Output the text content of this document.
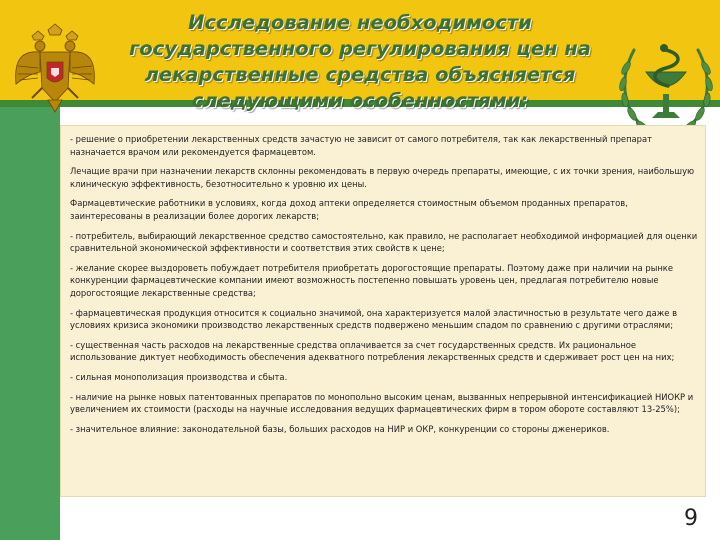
Исследование необходимости государственного регулирования цен на лекарственные средства объясняется следующими особенностями:

- решение о приобретении лекарственных средств зачастую не зависит от самого потребителя, так как лекарственный препарат назначается врачом или рекомендуется фармацевтом.

Лечащие врачи при назначении лекарств склонны рекомендовать в первую очередь препараты, имеющие, с их точки зрения, наибольшую клиническую эффективность, безотносительно к уровню их цены.

Фармацевтические работники в условиях, когда доход аптеки определяется стоимостным объемом проданных препаратов, заинтересованы в реализации более дорогих лекарств;

- потребитель, выбирающий лекарственное средство самостоятельно, как правило, не располагает необходимой информацией для оценки сравнительной экономической эффективности и соответствия этих свойств к цене;

- желание скорее выздороветь побуждает потребителя приобретать дорогостоящие препараты. Поэтому даже при наличии на рынке конкуренции фармацевтические компании имеют возможность постепенно повышать уровень цен, предлагая потребителю новые дорогостоящие лекарственные средства;

- фармацевтическая продукция относится к социально значимой, она характеризуется малой эластичностью в результате чего даже в условиях кризиса экономики производство лекарственных средств подвержено меньшим спадом по сравнению с другими отраслями;

- существенная часть расходов на лекарственные средства оплачивается за счет государственных средств. Их рациональное использование диктует необходимость обеспечения адекватного потребления лекарственных средств и сдерживает рост цен на них;

- сильная монополизация производства и сбыта.

- наличие на рынке новых патентованных препаратов по монопольно высоким ценам, вызванных непрерывной интенсификацией НИОКР и увеличением их стоимости (расходы на научные исследования ведущих фармацевтических фирм в тором обороте составляют 13-25%);

- значительное влияние: законодательной базы, больших расходов на НИР и ОКР, конкуренции со стороны дженериков.

9
